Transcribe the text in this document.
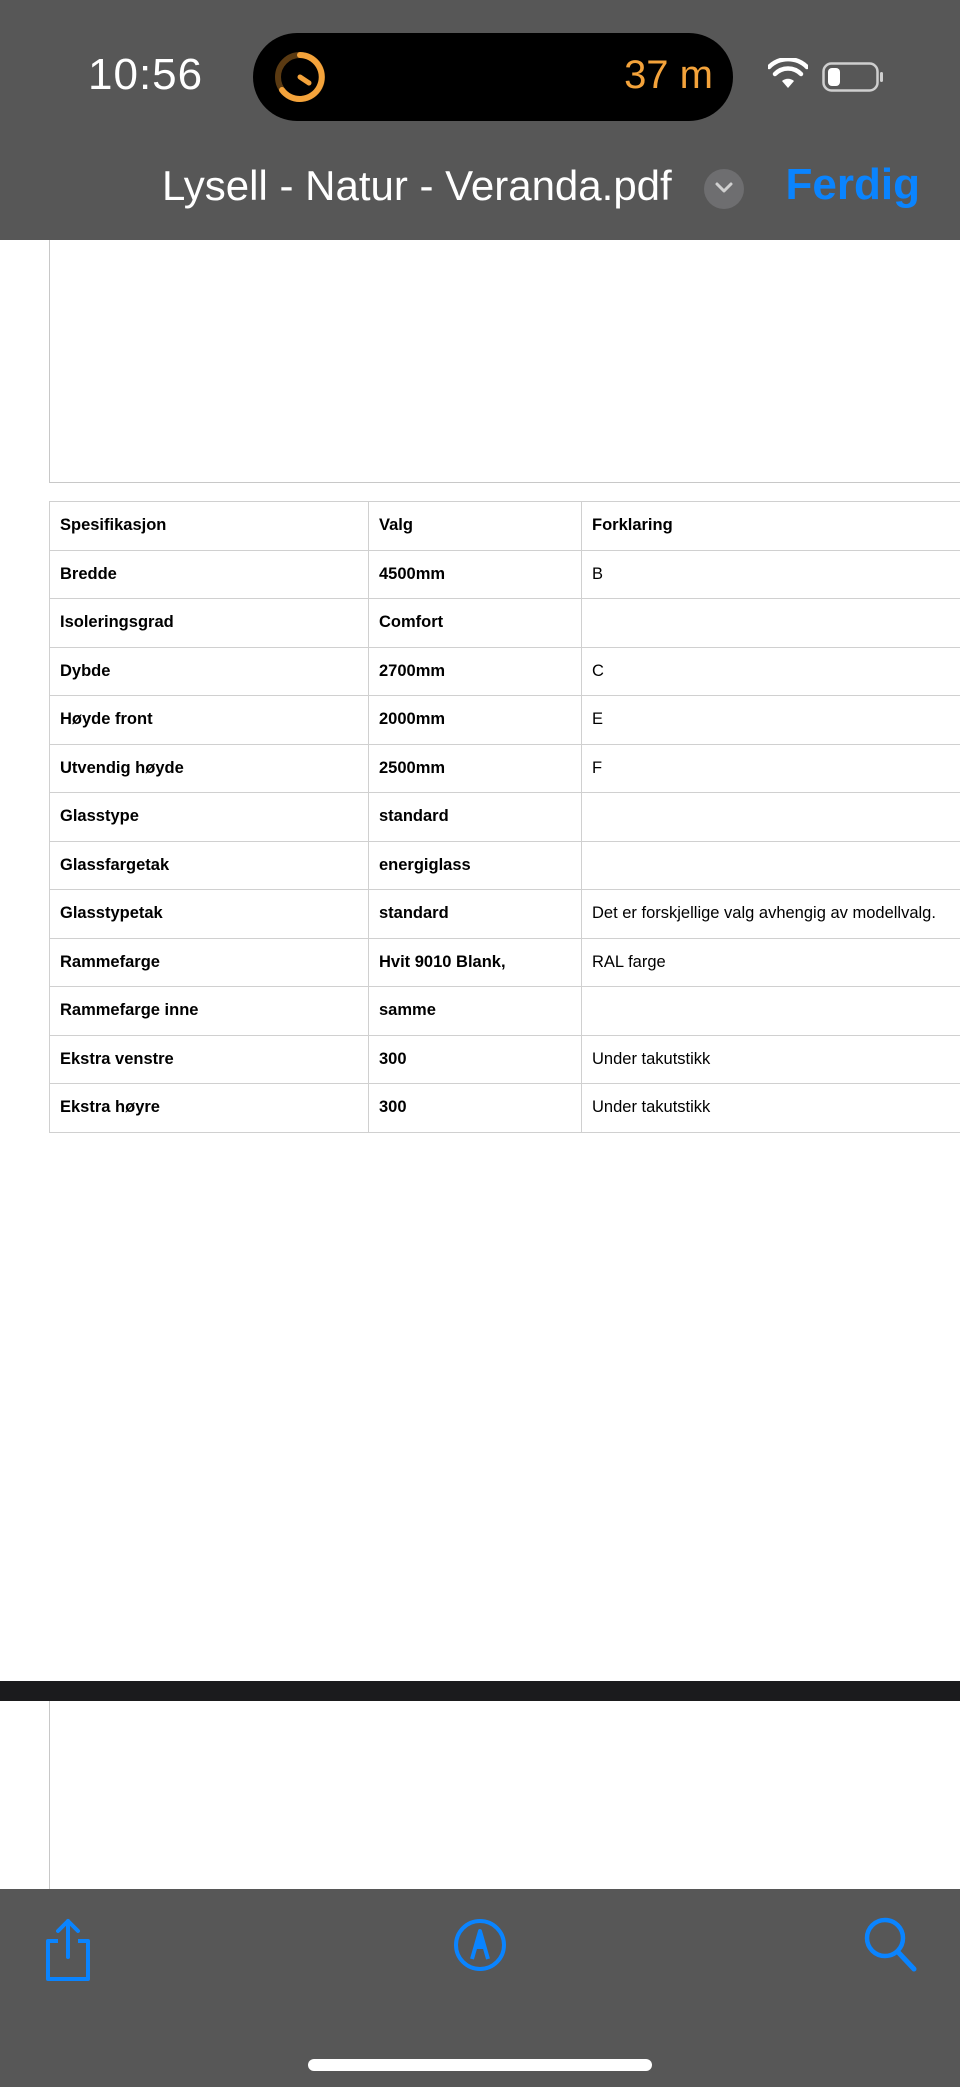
10:56	37 m
Lysell - Natur - Veranda.pdf	Ferdig
Spesifikasjon	Valg	Forklaring
Bredde	4500mm	B
Isoleringsgrad	Comfort	
Dybde	2700mm	C
Høyde front	2000mm	E
Utvendig høyde	2500mm	F
Glasstype	standard	
Glassfargetak	energiglass	
Glasstypetak	standard	Det er forskjellige valg avhengig av modellvalg.
Rammefarge	Hvit 9010 Blank,	RAL farge
Rammefarge inne	samme	
Ekstra venstre	300	Under takutstikk
Ekstra høyre	300	Under takutstikk
